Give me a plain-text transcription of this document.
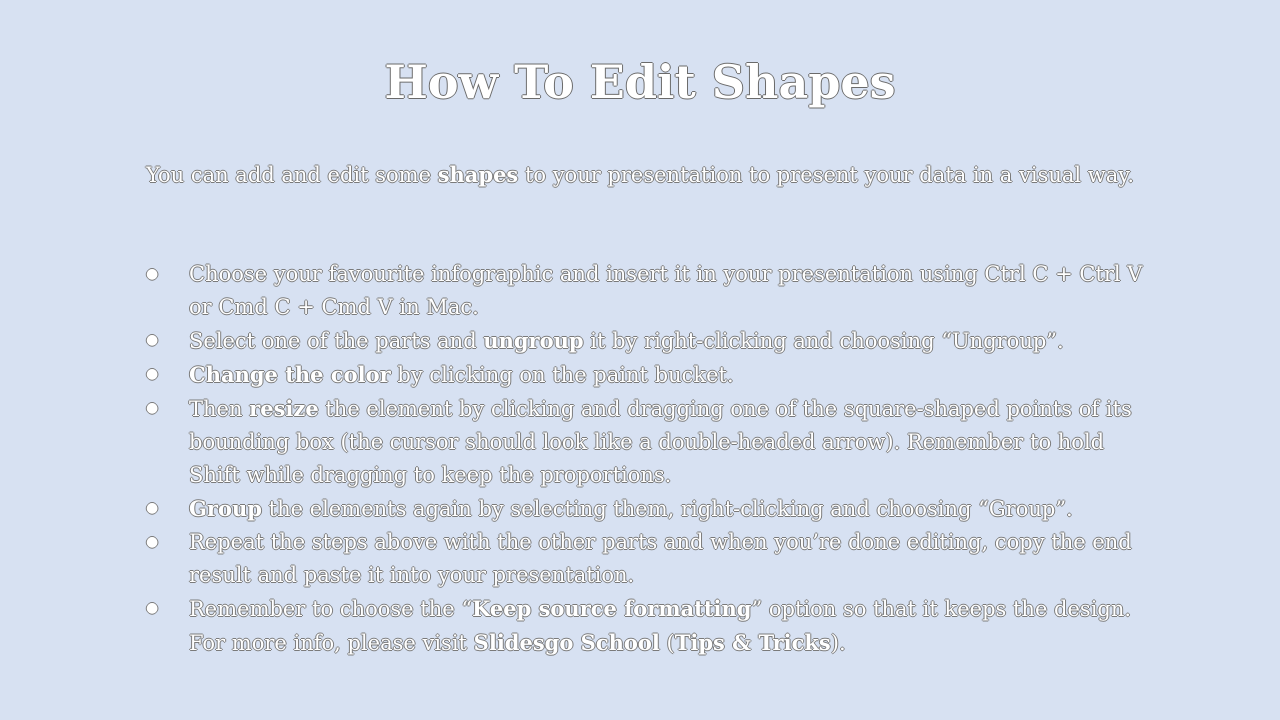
How To Edit Shapes
You can add and edit some shapes to your presentation to present your data in a visual way.
● Choose your favourite infographic and insert it in your presentation using Ctrl C + Ctrl V or Cmd C + Cmd V in Mac.
● Select one of the parts and ungroup it by right-clicking and choosing “Ungroup”.
● Change the color by clicking on the paint bucket.
● Then resize the element by clicking and dragging one of the square-shaped points of its bounding box (the cursor should look like a double-headed arrow). Remember to hold Shift while dragging to keep the proportions.
● Group the elements again by selecting them, right-clicking and choosing “Group”.
● Repeat the steps above with the other parts and when you’re done editing, copy the end result and paste it into your presentation.
● Remember to choose the “Keep source formatting” option so that it keeps the design. For more info, please visit Slidesgo School (Tips & Tricks).
